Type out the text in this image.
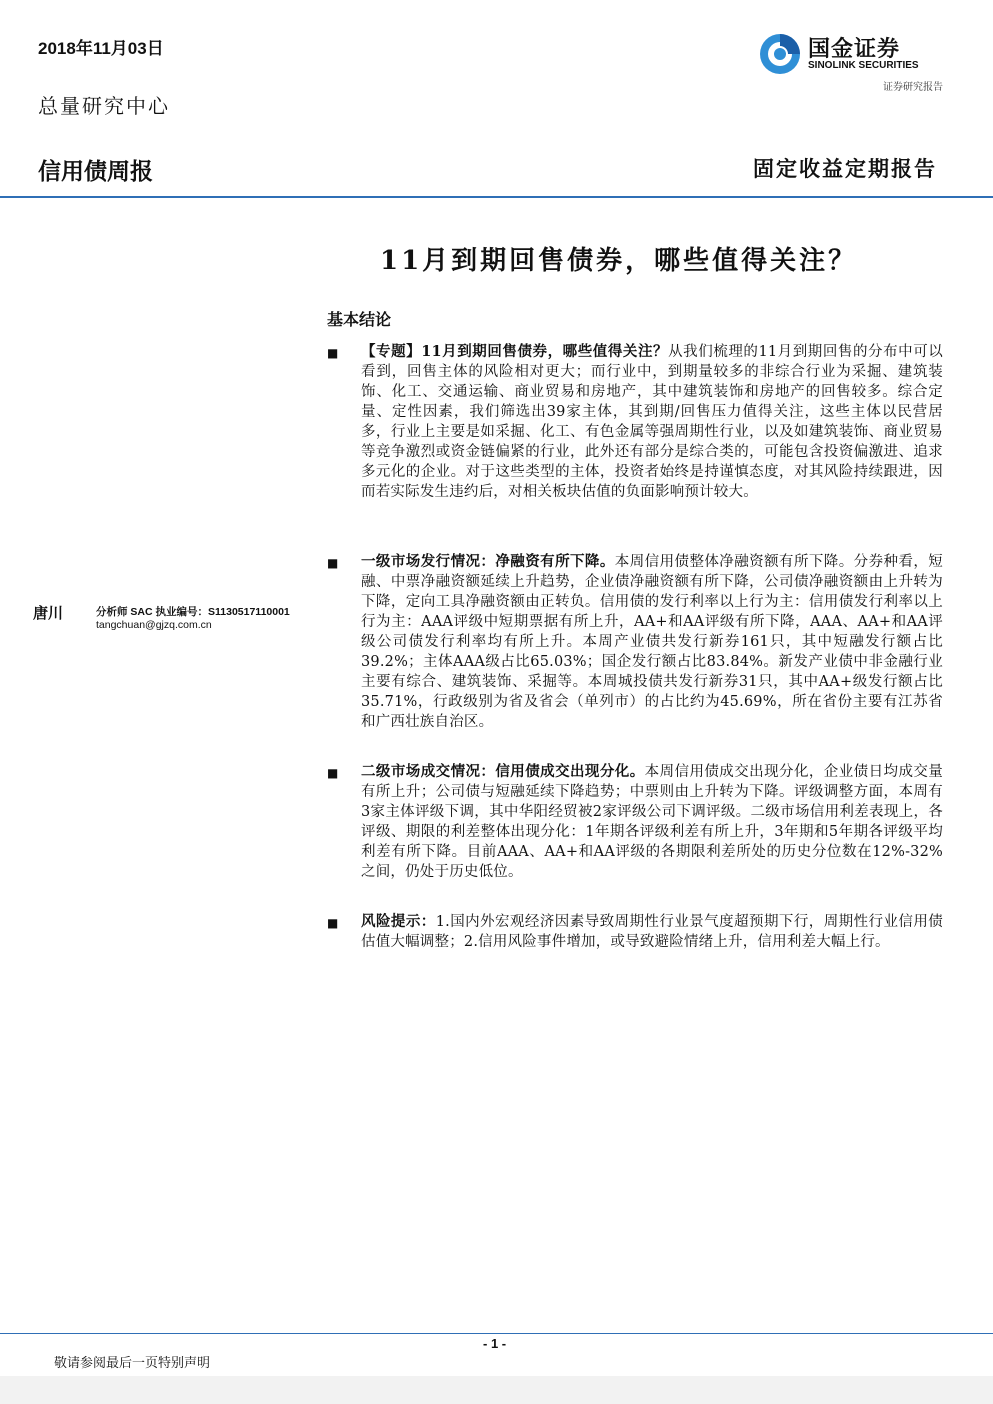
2018年11月03日
总量研究中心
国金证券
SINOLINK SECURITIES
证券研究报告
信用债周报	固定收益定期报告
11月到期回售债券，哪些值得关注？
基本结论
唐川	分析师 SAC 执业编号：S1130517110001
tangchuan@gjzq.com.cn
■ 【专题】11月到期回售债券，哪些值得关注？从我们梳理的11月到期回售的分布中可以看到，回售主体的风险相对更大；而行业中，到期量较多的非综合行业为采掘、建筑装饰、化工、交通运输、商业贸易和房地产，其中建筑装饰和房地产的回售较多。综合定量、定性因素，我们筛选出39家主体，其到期/回售压力值得关注，这些主体以民营居多，行业上主要是如采掘、化工、有色金属等强周期性行业，以及如建筑装饰、商业贸易等竞争激烈或资金链偏紧的行业，此外还有部分是综合类的，可能包含投资偏激进、追求多元化的企业。对于这些类型的主体，投资者始终是持谨慎态度，对其风险持续跟进，因而若实际发生违约后，对相关板块估值的负面影响预计较大。
■ 一级市场发行情况：净融资有所下降。本周信用债整体净融资额有所下降。分券种看，短融、中票净融资额延续上升趋势，企业债净融资额有所下降，公司债净融资额由上升转为下降，定向工具净融资额由正转负。信用债的发行利率以上行为主：信用债发行利率以上行为主：AAA评级中短期票据有所上升，AA+和AA评级有所下降，AAA、AA+和AA评级公司债发行利率均有所上升。本周产业债共发行新券161只，其中短融发行额占比39.2%；主体AAA级占比65.03%；国企发行额占比83.84%。新发产业债中非金融行业主要有综合、建筑装饰、采掘等。本周城投债共发行新券31只，其中AA+级发行额占比35.71%，行政级别为省及省会（单列市）的占比约为45.69%，所在省份主要有江苏省和广西壮族自治区。
■ 二级市场成交情况：信用债成交出现分化。本周信用债成交出现分化，企业债日均成交量有所上升；公司债与短融延续下降趋势；中票则由上升转为下降。评级调整方面，本周有3家主体评级下调，其中华阳经贸被2家评级公司下调评级。二级市场信用利差表现上，各评级、期限的利差整体出现分化：1年期各评级利差有所上升，3年期和5年期各评级平均利差有所下降。目前AAA、AA+和AA评级的各期限利差所处的历史分位数在12%-32%之间，仍处于历史低位。
■ 风险提示：1.国内外宏观经济因素导致周期性行业景气度超预期下行，周期性行业信用债估值大幅调整；2.信用风险事件增加，或导致避险情绪上升，信用利差大幅上行。
- 1 -
敬请参阅最后一页特别声明
